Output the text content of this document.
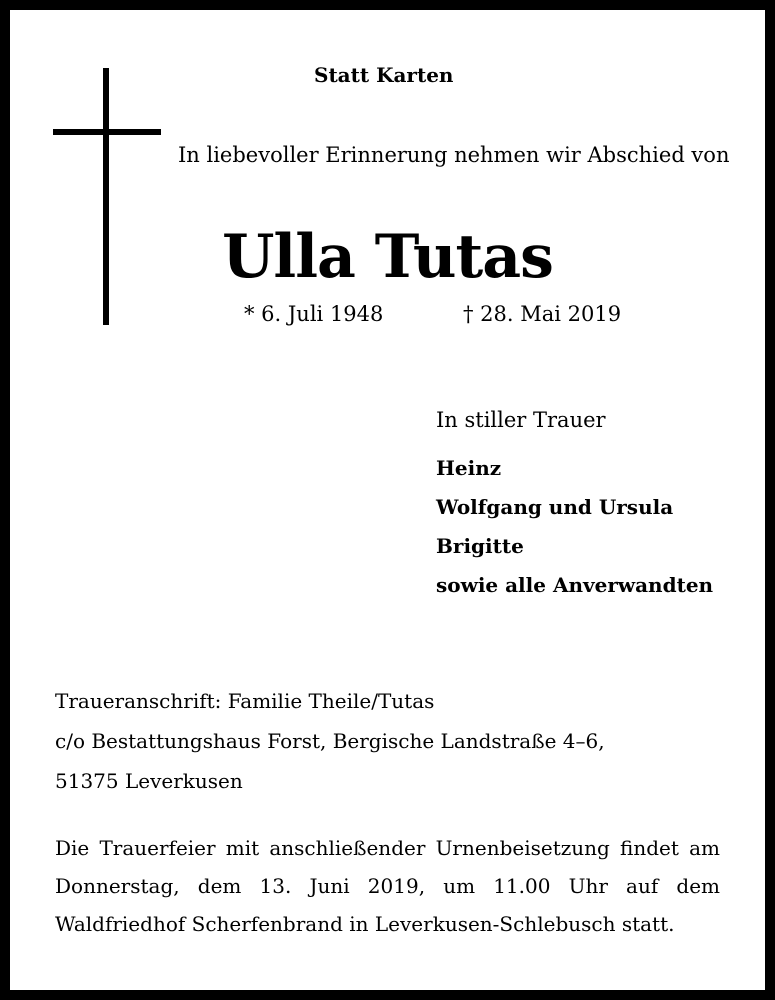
Statt Karten
In liebevoller Erinnerung nehmen wir Abschied von
Ulla Tutas
* 6. Juli 1948	† 28. Mai 2019
In stiller Trauer
Heinz
Wolfgang und Ursula
Brigitte
sowie alle Anverwandten
Traueranschrift: Familie Theile/Tutas
c/o Bestattungshaus Forst, Bergische Landstraße 4–6,
51375 Leverkusen
Die Trauerfeier mit anschließender Urnenbeisetzung findet am Donnerstag, dem 13. Juni 2019, um 11.00 Uhr auf dem Waldfriedhof Scherfenbrand in Leverkusen-Schlebusch statt.
